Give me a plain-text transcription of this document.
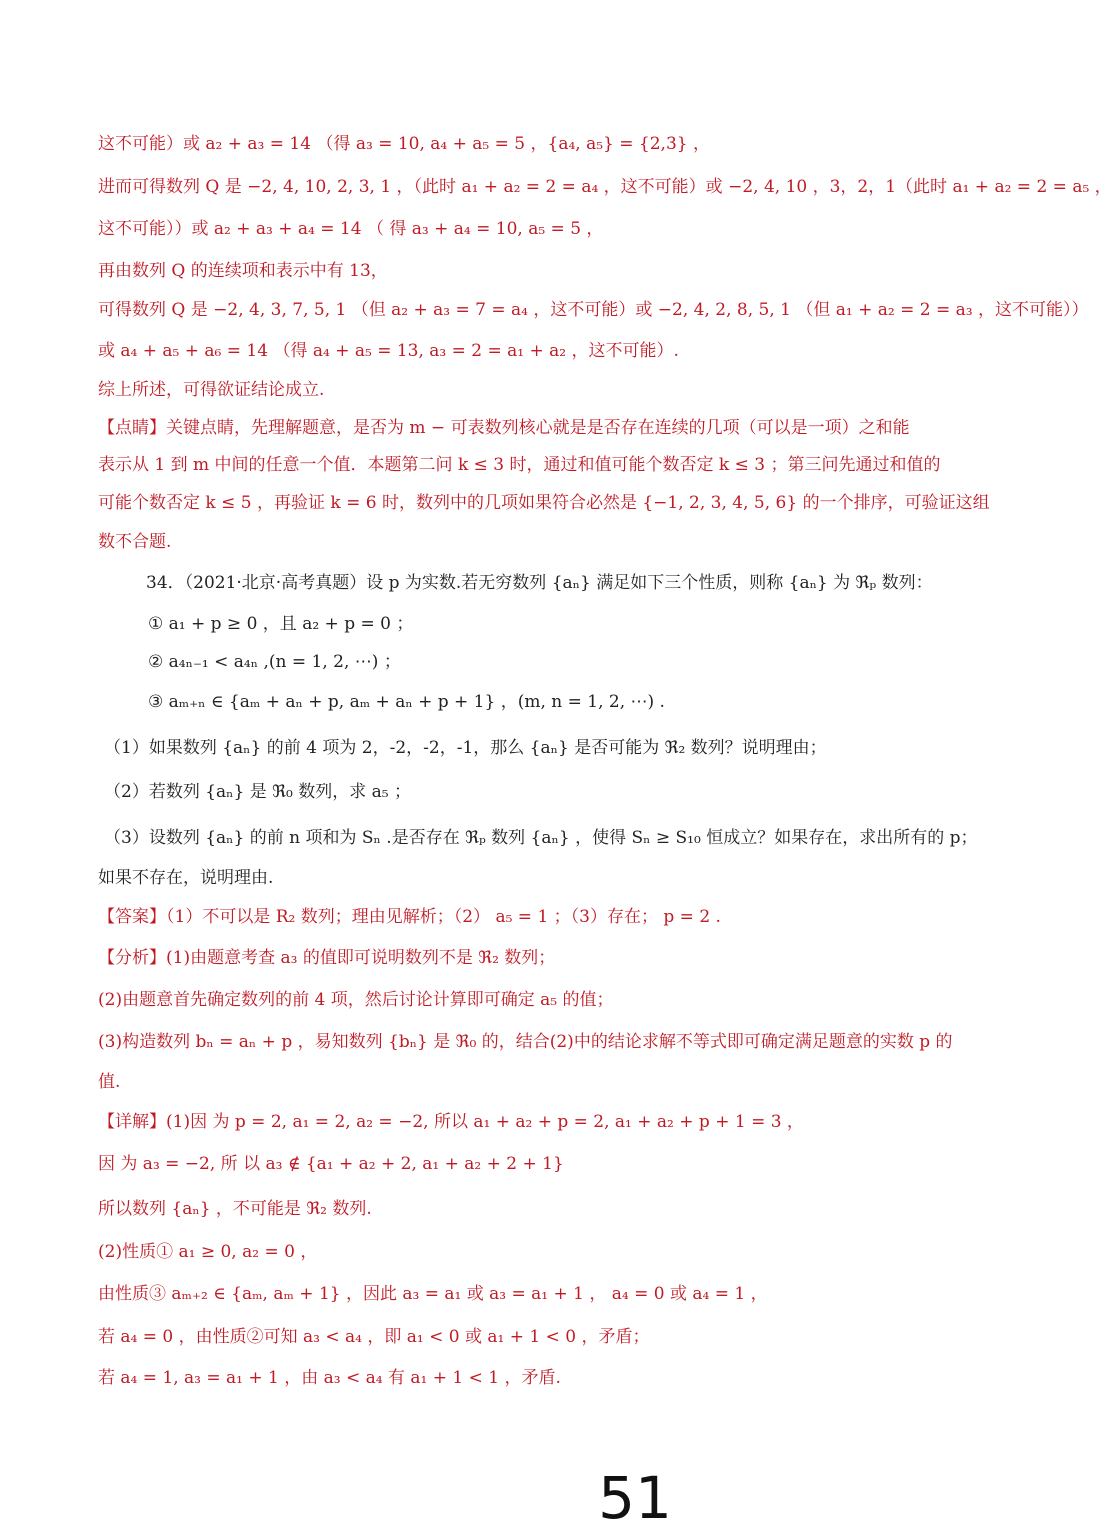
这不可能）或 a₂ + a₃ = 14 （得 a₃ = 10, a₄ + a₅ = 5 ，{a₄, a₅} = {2,3} ，
进而可得数列 Q 是 −2, 4, 10, 2, 3, 1 ，（此时 a₁ + a₂ = 2 = a₄ ，这不可能）或 −2, 4, 10 ，3，2，1（此时 a₁ + a₂ = 2 = a₅ ，
这不可能））或 a₂ + a₃ + a₄ = 14 （ 得 a₃ + a₄ = 10, a₅ = 5 ，
再由数列 Q 的连续项和表示中有 13，
可得数列 Q 是 −2, 4, 3, 7, 5, 1 （但 a₂ + a₃ = 7 = a₄ ，这不可能）或 −2, 4, 2, 8, 5, 1 （但 a₁ + a₂ = 2 = a₃ ，这不可能））
或 a₄ + a₅ + a₆ = 14 （得 a₄ + a₅ = 13, a₃ = 2 = a₁ + a₂ ，这不可能）.
综上所述，可得欲证结论成立.
【点睛】关键点睛，先理解题意，是否为 m − 可表数列核心就是是否存在连续的几项（可以是一项）之和能
表示从 1 到 m 中间的任意一个值．本题第二问 k ≤ 3 时，通过和值可能个数否定 k ≤ 3 ；第三问先通过和值的
可能个数否定 k ≤ 5 ，再验证 k = 6 时，数列中的几项如果符合必然是 {−1, 2, 3, 4, 5, 6} 的一个排序，可验证这组
数不合题.
34．（2021·北京·高考真题）设 p 为实数.若无穷数列 {aₙ} 满足如下三个性质，则称 {aₙ} 为 ℜₚ 数列：
① a₁ + p ≥ 0 ，且 a₂ + p = 0 ；
② a₄ₙ₋₁ < a₄ₙ ,(n = 1, 2, ⋯) ；
③ aₘ₊ₙ ∈ {aₘ + aₙ + p, aₘ + aₙ + p + 1} ，(m, n = 1, 2, ⋯) .
（1）如果数列 {aₙ} 的前 4 项为 2，-2，-2，-1，那么 {aₙ} 是否可能为 ℜ₂ 数列？说明理由；
（2）若数列 {aₙ} 是 ℜ₀ 数列，求 a₅ ；
（3）设数列 {aₙ} 的前 n 项和为 Sₙ .是否存在 ℜₚ 数列 {aₙ} ，使得 Sₙ ≥ S₁₀ 恒成立？如果存在，求出所有的 p；
如果不存在，说明理由.
【答案】（1）不可以是 R₂ 数列；理由见解析；（2） a₅ = 1 ；（3）存在； p = 2 .
【分析】(1)由题意考查 a₃ 的值即可说明数列不是 ℜ₂ 数列；
(2)由题意首先确定数列的前 4 项，然后讨论计算即可确定 a₅ 的值；
(3)构造数列 bₙ = aₙ + p ，易知数列 {bₙ} 是 ℜ₀ 的，结合(2)中的结论求解不等式即可确定满足题意的实数 p 的
值.
【详解】(1)因 为 p = 2, a₁ = 2, a₂ = −2, 所以 a₁ + a₂ + p = 2, a₁ + a₂ + p + 1 = 3 ，
因 为 a₃ = −2, 所 以 a₃ ∉ {a₁ + a₂ + 2, a₁ + a₂ + 2 + 1}
所以数列 {aₙ} ，不可能是 ℜ₂ 数列.
(2)性质① a₁ ≥ 0, a₂ = 0 ，
由性质③ aₘ₊₂ ∈ {aₘ, aₘ + 1} ，因此 a₃ = a₁ 或 a₃ = a₁ + 1 ， a₄ = 0 或 a₄ = 1 ，
若 a₄ = 0 ，由性质②可知 a₃ < a₄ ，即 a₁ < 0 或 a₁ + 1 < 0 ，矛盾；
若 a₄ = 1, a₃ = a₁ + 1 ，由 a₃ < a₄ 有 a₁ + 1 < 1 ，矛盾.
51
